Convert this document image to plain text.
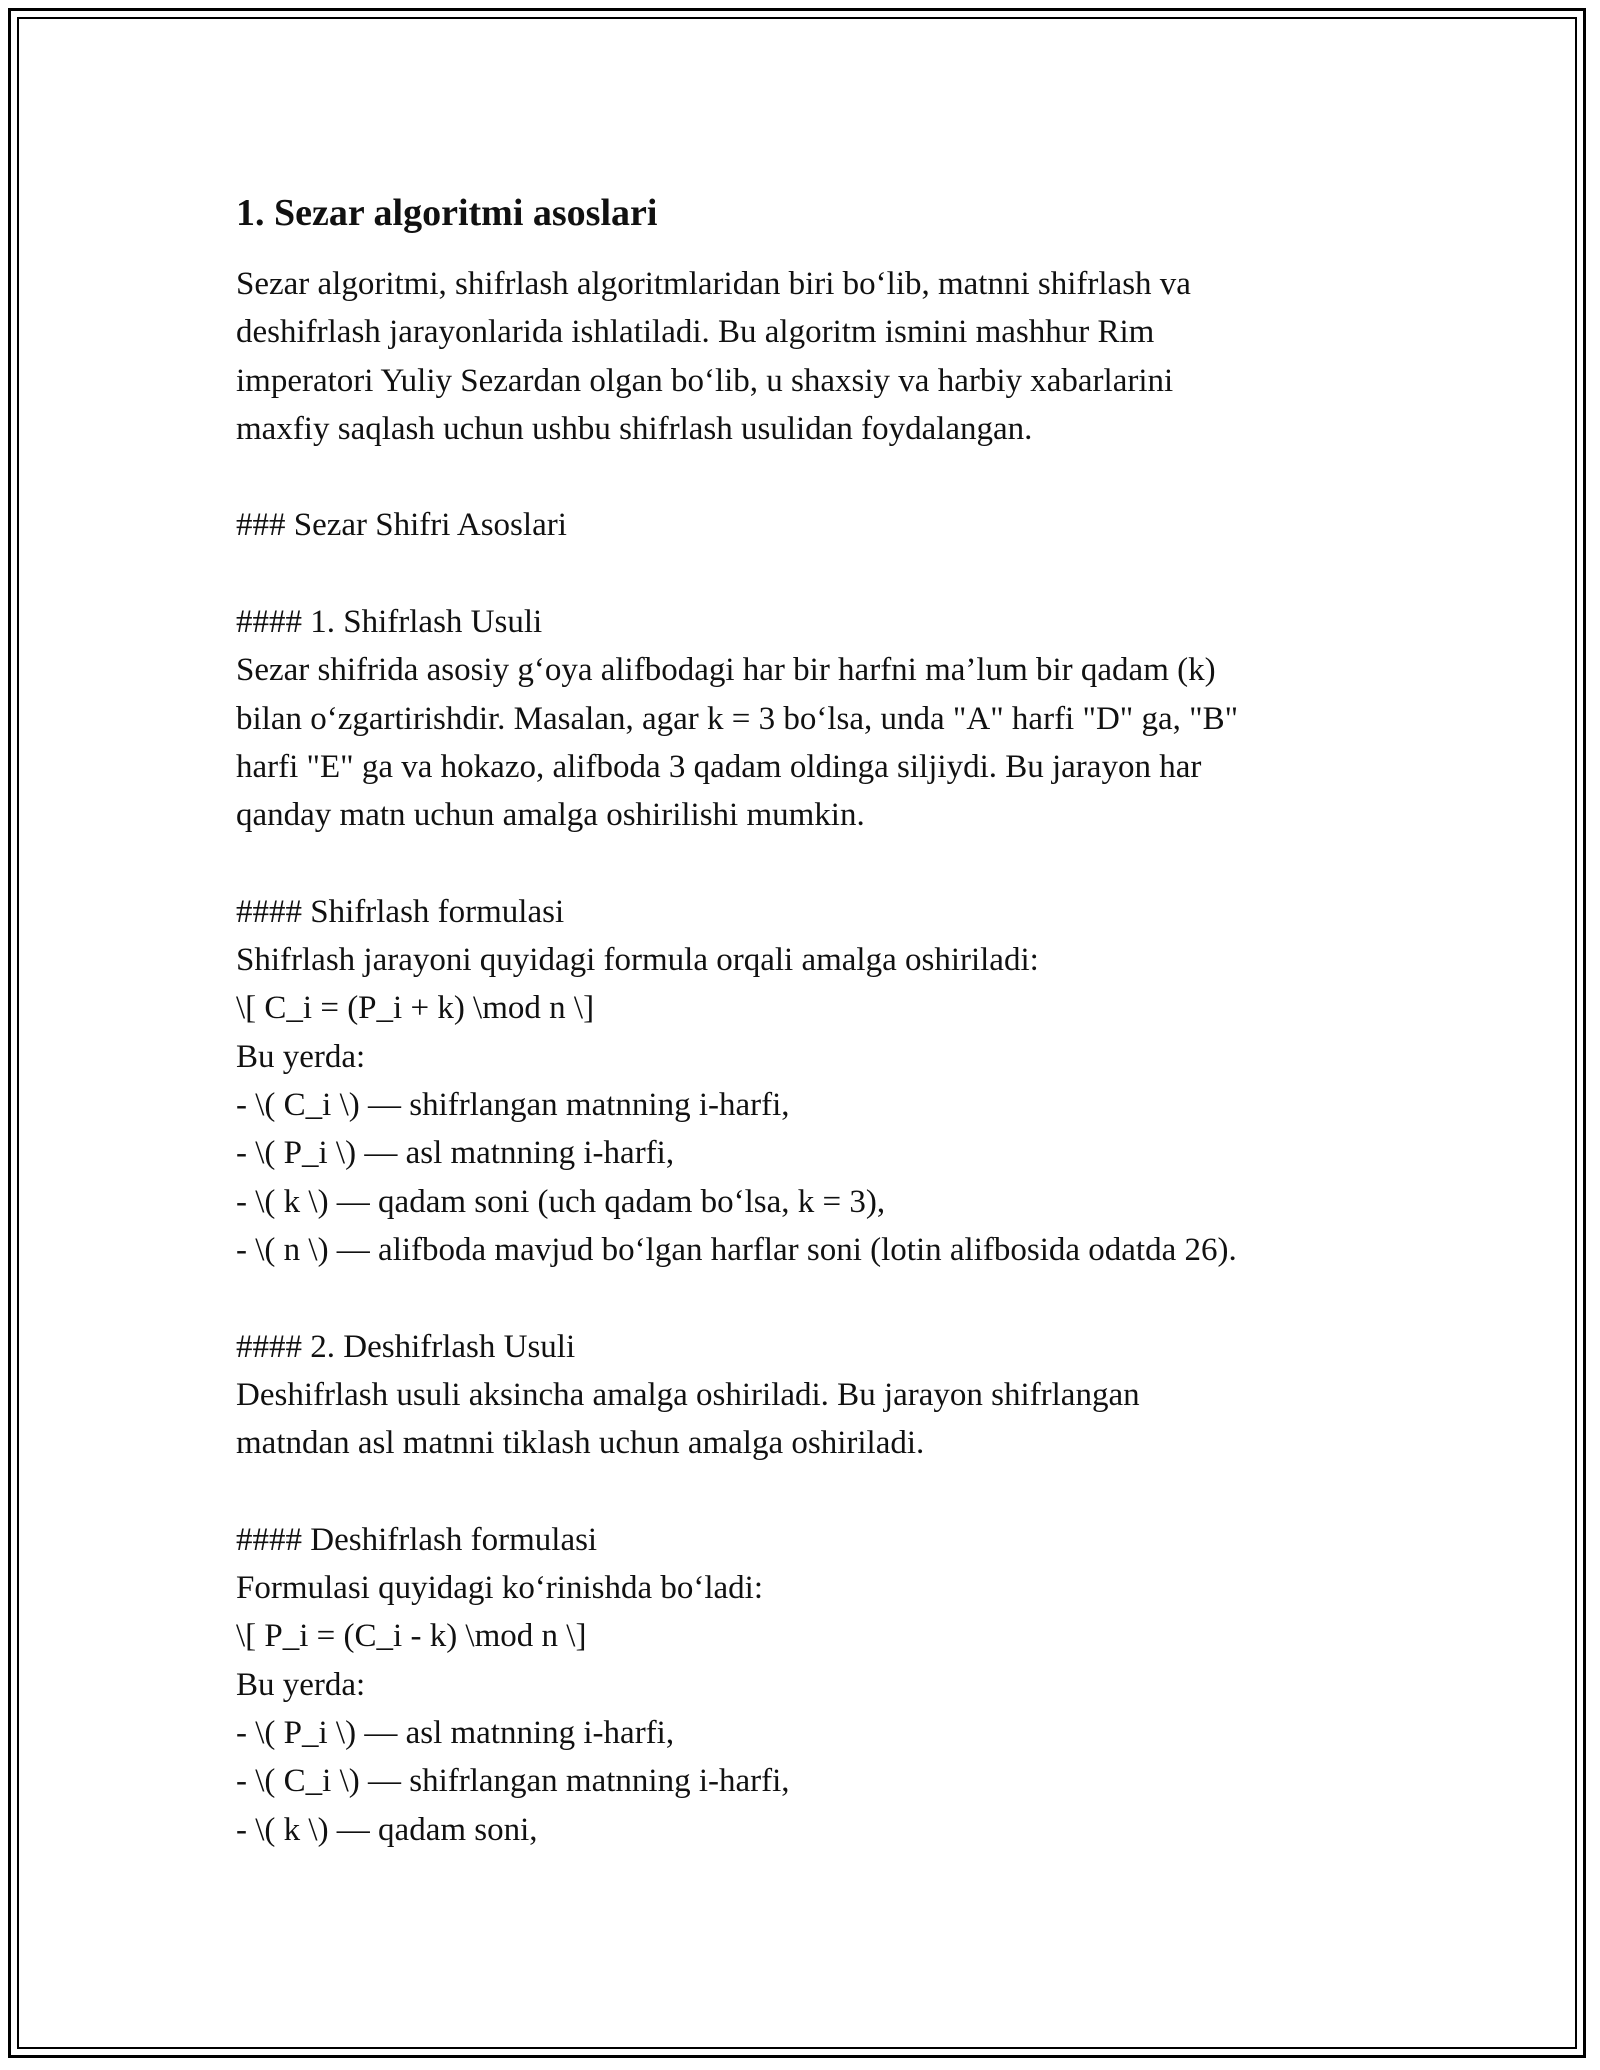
1. Sezar algoritmi asoslari
Sezar algoritmi, shifrlash algoritmlaridan biri bo‘lib, matnni shifrlash va
deshifrlash jarayonlarida ishlatiladi. Bu algoritm ismini mashhur Rim
imperatori Yuliy Sezardan olgan bo‘lib, u shaxsiy va harbiy xabarlarini
maxfiy saqlash uchun ushbu shifrlash usulidan foydalangan.
### Sezar Shifri Asoslari
#### 1. Shifrlash Usuli
Sezar shifrida asosiy g‘oya alifbodagi har bir harfni ma’lum bir qadam (k)
bilan o‘zgartirishdir. Masalan, agar k = 3 bo‘lsa, unda "A" harfi "D" ga, "B"
harfi "E" ga va hokazo, alifboda 3 qadam oldinga siljiydi. Bu jarayon har
qanday matn uchun amalga oshirilishi mumkin.
#### Shifrlash formulasi
Shifrlash jarayoni quyidagi formula orqali amalga oshiriladi:
\[ C_i = (P_i + k) \mod n \]
Bu yerda:
- \( C_i \) — shifrlangan matnning i-harfi,
- \( P_i \) — asl matnning i-harfi,
- \( k \) — qadam soni (uch qadam bo‘lsa, k = 3),
- \( n \) — alifboda mavjud bo‘lgan harflar soni (lotin alifbosida odatda 26).
#### 2. Deshifrlash Usuli
Deshifrlash usuli aksincha amalga oshiriladi. Bu jarayon shifrlangan
matndan asl matnni tiklash uchun amalga oshiriladi.
#### Deshifrlash formulasi
Formulasi quyidagi ko‘rinishda bo‘ladi:
\[ P_i = (C_i - k) \mod n \]
Bu yerda:
- \( P_i \) — asl matnning i-harfi,
- \( C_i \) — shifrlangan matnning i-harfi,
- \( k \) — qadam soni,
